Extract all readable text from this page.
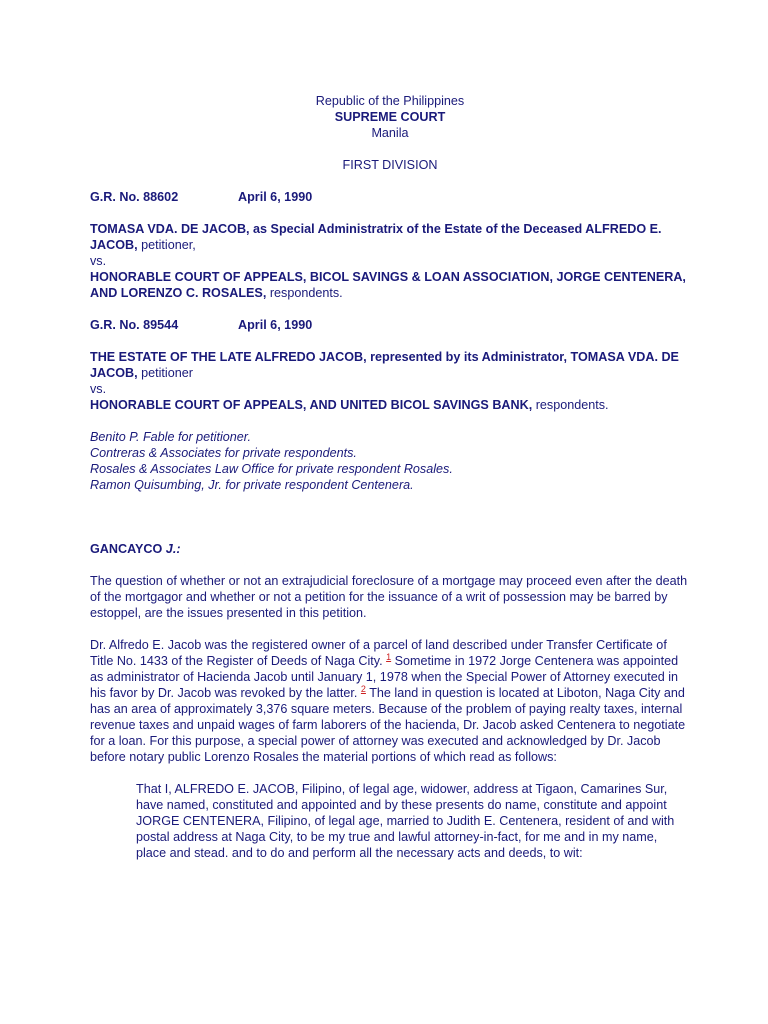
Republic of the Philippines

SUPREME COURT

Manila

FIRST DIVISION

G.R. No. 88602	April 6, 1990

TOMASA VDA. DE JACOB, as Special Administratrix of the Estate of the Deceased ALFREDO E. JACOB, petitioner,

vs.

HONORABLE COURT OF APPEALS, BICOL SAVINGS & LOAN ASSOCIATION, JORGE CENTENERA, AND LORENZO C. ROSALES, respondents.

G.R. No. 89544	April 6, 1990

THE ESTATE OF THE LATE ALFREDO JACOB, represented by its Administrator, TOMASA VDA. DE JACOB, petitioner

vs.

HONORABLE COURT OF APPEALS, AND UNITED BICOL SAVINGS BANK, respondents.

Benito P. Fable for petitioner.

Contreras & Associates for private respondents.

Rosales & Associates Law Office for private respondent Rosales.

Ramon Quisumbing, Jr. for private respondent Centenera.

GANCAYCO J.:

The question of whether or not an extrajudicial foreclosure of a mortgage may proceed even after the death of the mortgagor and whether or not a petition for the issuance of a writ of possession may be barred by estoppel, are the issues presented in this petition.

Dr. Alfredo E. Jacob was the registered owner of a parcel of land described under Transfer Certificate of Title No. 1433 of the Register of Deeds of Naga City. $^1$ Sometime in 1972 Jorge Centenera was appointed as administrator of Hacienda Jacob until January 1, 1978 when the Special Power of Attorney executed in his favor by Dr. Jacob was revoked by the latter. $^2$ The land in question is located at Liboton, Naga City and has an area of approximately 3,376 square meters. Because of the problem of paying realty taxes, internal revenue taxes and unpaid wages of farm laborers of the hacienda, Dr. Jacob asked Centenera to negotiate for a loan. For this purpose, a special power of attorney was executed and acknowledged by Dr. Jacob before notary public Lorenzo Rosales the material portions of which read as follows:

That I, ALFREDO E. JACOB, Filipino, of legal age, widower, address at Tigaon, Camarines Sur, have named, constituted and appointed and by these presents do name, constitute and appoint JORGE CENTENERA, Filipino, of legal age, married to Judith E. Centenera, resident of and with postal address at Naga City, to be my true and lawful attorney-in-fact, for me and in my name, place and stead. and to do and perform all the necessary acts and deeds, to wit:
